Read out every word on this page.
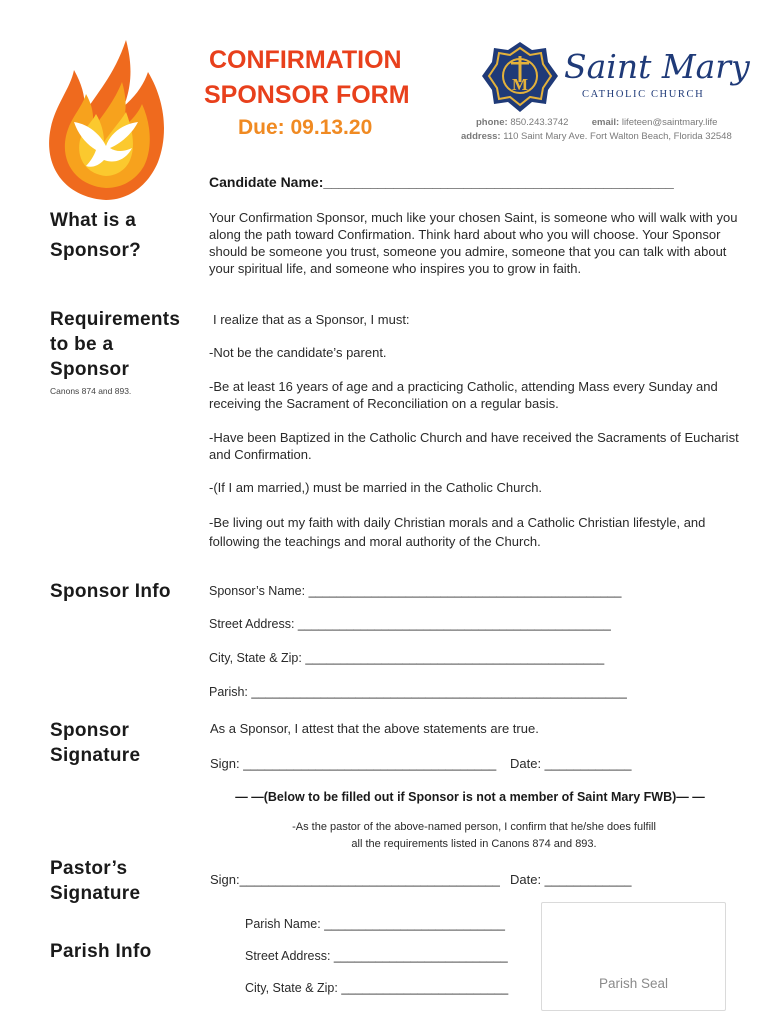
CONFIRMATION
SPONSOR FORM
Due: 09.13.20
M Saint Mary
CATHOLIC CHURCH
phone: 850.243.3742 email: lifeteen@saintmary.life
address: 110 Saint Mary Ave. Fort Walton Beach, Florida 32548
Candidate Name:_____________________________________________
What is a
Sponsor?
Your Confirmation Sponsor, much like your chosen Saint, is someone who will walk with you along the path toward Confirmation. Think hard about who you will choose. Your Sponsor should be someone you trust, someone you admire, someone that you can talk with about your spiritual life, and someone who inspires you to grow in faith.
Requirements
to be a
Sponsor
Canons 874 and 893.
I realize that as a Sponsor, I must:
-Not be the candidate’s parent.
-Be at least 16 years of age and a practicing Catholic, attending Mass every Sunday and receiving the Sacrament of Reconciliation on a regular basis.
-Have been Baptized in the Catholic Church and have received the Sacraments of Eucharist and Confirmation.
-(If I am married,) must be married in the Catholic Church.
-Be living out my faith with daily Christian morals and a Catholic Christian lifestyle, and following the teachings and moral authority of the Church.
Sponsor Info	Sponsor’s Name: _____________________________________________
Street Address: _____________________________________________
City, State & Zip: ___________________________________________
Parish: ______________________________________________________
Sponsor
Signature
As a Sponsor, I attest that the above statements are true.
Sign: ___________________________________ Date: ____________
— —(Below to be filled out if Sponsor is not a member of Saint Mary FWB)— —
-As the pastor of the above-named person, I confirm that he/she does fulfill
all the requirements listed in Canons 874 and 893.
Pastor’s
Signature
Sign:____________________________________ Date: ____________
Parish Info
Parish Name: __________________________
Street Address: _________________________
City, State & Zip: ________________________	Parish Seal
